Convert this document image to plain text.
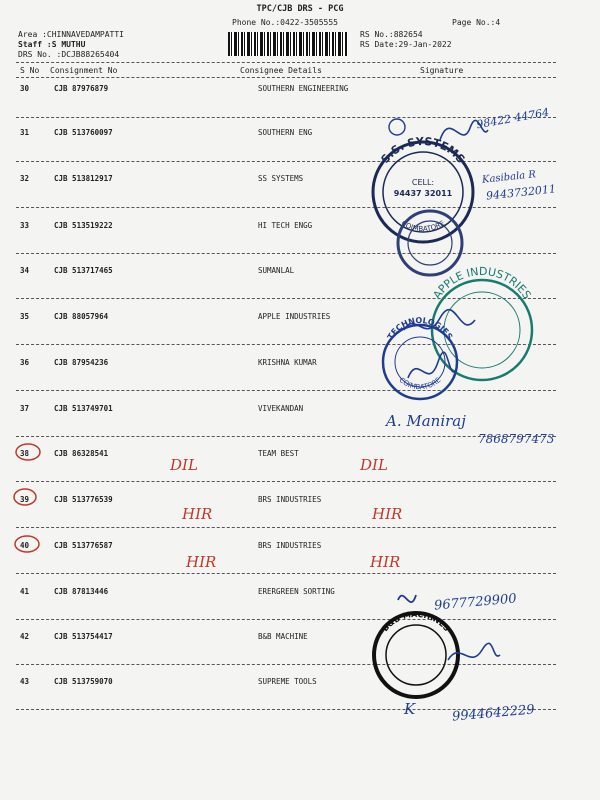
TPC/CJB DRS - PCG
Phone No.:0422-3505555	Page No.:4
Area :CHINNAVEDAMPATTI
Staff :S MUTHU
DRS No. :DCJB88265404
RS No.:882654
RS Date:29-Jan-2022
S No Consignment No	Consignee Details	Signature
30	CJB 87976879	SOUTHERN ENGINEERING
31	CJB 513760097	SOUTHERN ENG
32	CJB 513812917	SS SYSTEMS
33	CJB 513519222	HI TECH ENGG
34	CJB 513717465	SUMANLAL
35	CJB 88057964	APPLE INDUSTRIES
36	CJB 87954236	KRISHNA KUMAR
37	CJB 513749701	VIVEKANDAN
38	CJB 86328541	TEAM BEST
39	CJB 513776539	BRS INDUSTRIES
40	CJB 513776587	BRS INDUSTRIES
41	CJB 87813446	ERERGREEN SORTING
42	CJB 513754417	B&B MACHINE
43	CJB 513759070	SUPREME TOOLS
S.S. SYSTEMS
CELL:
94437 32011
COIMBATORE
APPLE INDUSTRIES
TECHNOLOGIES
COIMBATORE
B&B MACHINES
98422 44764
Kasibala R
9443732011
A. Maniraj
7868797473
DIL	DIL
HIR	HIR
HIR	HIR
9677729900
K	9944642229
